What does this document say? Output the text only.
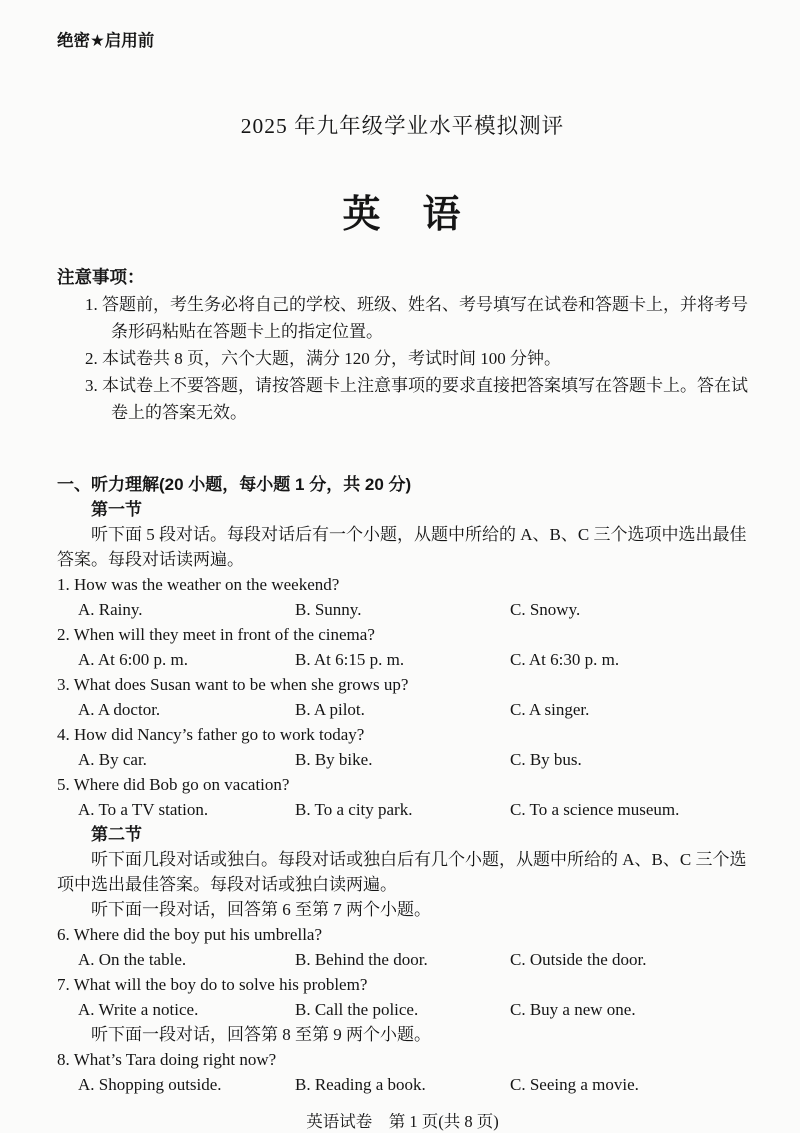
绝密★启用前
2025 年九年级学业水平模拟测评
英　语
注意事项：

1. 答题前，考生务必将自己的学校、班级、姓名、考号填写在试卷和答题卡上，并将考号条形码粘贴在答题卡上的指定位置。

2. 本试卷共 8 页，六个大题，满分 120 分，考试时间 100 分钟。

3. 本试卷上不要答题，请按答题卡上注意事项的要求直接把答案填写在答题卡上。答在试卷上的答案无效。

一、听力理解(20 小题，每小题 1 分，共 20 分)
第一节

听下面 5 段对话。每段对话后有一个小题，从题中所给的 A、B、C 三个选项中选出最佳答案。每段对话读两遍。

1. How was the weather on the weekend?

A. Rainy.	B. Sunny.	C. Snowy.

2. When will they meet in front of the cinema?

A. At 6:00 p. m.	B. At 6:15 p. m.	C. At 6:30 p. m.

3. What does Susan want to be when she grows up?

A. A doctor.	B. A pilot.	C. A singer.

4. How did Nancy’s father go to work today?

A. By car.	B. By bike.	C. By bus.

5. Where did Bob go on vacation?

A. To a TV station.	B. To a city park.	C. To a science museum.
第二节

听下面几段对话或独白。每段对话或独白后有几个小题，从题中所给的 A、B、C 三个选项中选出最佳答案。每段对话或独白读两遍。

听下面一段对话，回答第 6 至第 7 两个小题。

6. Where did the boy put his umbrella?

A. On the table.	B. Behind the door.	C. Outside the door.

7. What will the boy do to solve his problem?

A. Write a notice.	B. Call the police.	C. Buy a new one.

听下面一段对话，回答第 8 至第 9 两个小题。

8. What’s Tara doing right now?

A. Shopping outside.	B. Reading a book.	C. Seeing a movie.
英语试卷　第 1 页(共 8 页)
